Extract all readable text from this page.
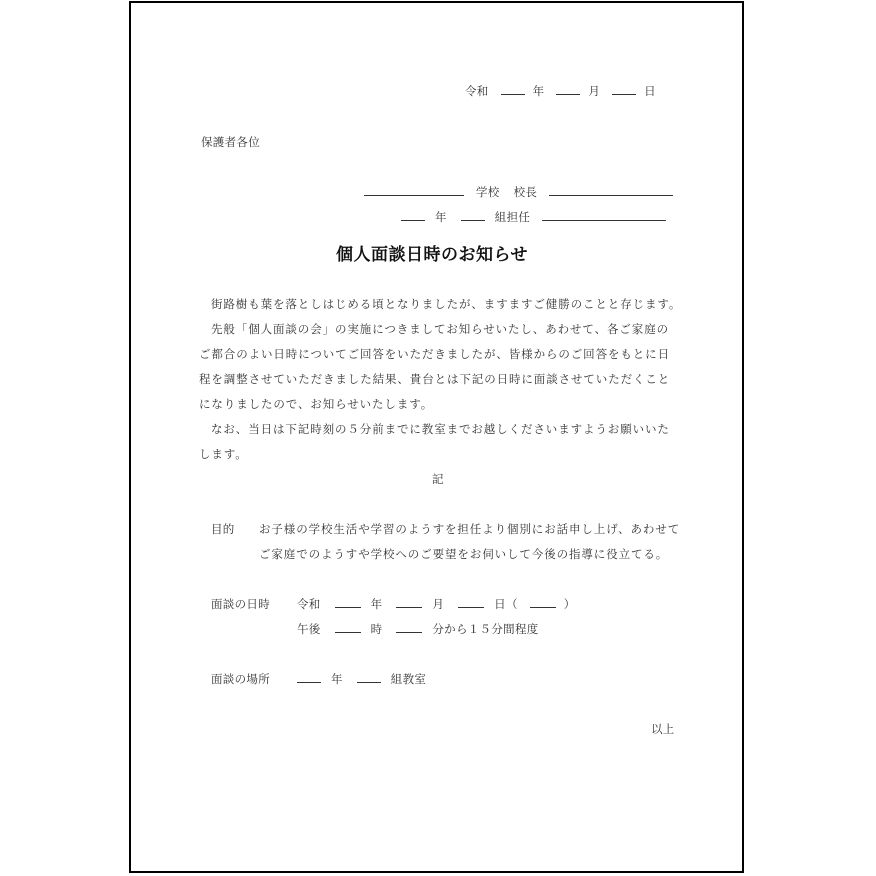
令和	年	月	日
保護者各位
学校 校長
年	組担任
個人面談日時のお知らせ
街路樹も葉を落としはじめる頃となりましたが、ますますご健勝のことと存じます。
先般「個人面談の会」の実施につきましてお知らせいたし、あわせて、各ご家庭の
ご都合のよい日時についてご回答をいただきましたが、皆様からのご回答をもとに日
程を調整させていただきました結果、貴台とは下記の日時に面談させていただくこと
になりましたので、お知らせいたします。
なお、当日は下記時刻の５分前までに教室までお越しくださいますようお願いいた
します。
記
目的 お子様の学校生活や学習のようすを担任より個別にお話申し上げ、あわせて
ご家庭でのようすや学校へのご要望をお伺いして今後の指導に役立てる。
面談の日時 令和	年	月	日（	）
午後	時	分から１５分間程度
面談の場所	年	組教室
以上
